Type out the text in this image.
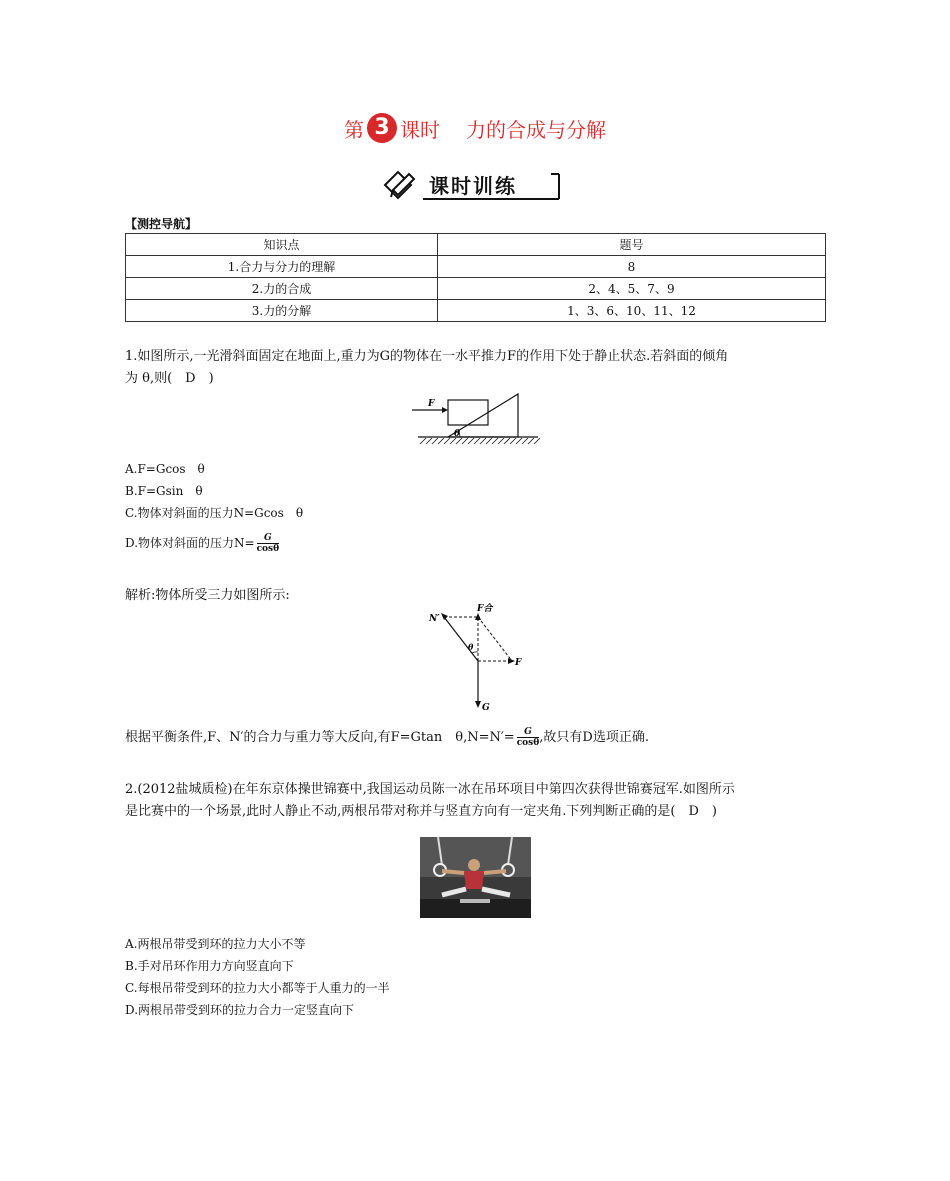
第 3 课时 力的合成与分解
课时训练
【测控导航】
知识点	题号
1.合力与分力的理解	8
2.力的合成	2、4、5、7、9
3.力的分解	1、3、6、10、11、12
1.如图所示,一光滑斜面固定在地面上,重力为G的物体在一水平推力F的作用下处于静止状态.若斜面的倾角
为 θ,则(　D　)
F
θ
A.F=Gcos　θ
B.F=Gsin　θ
C.物体对斜面的压力N=Gcos　θ
D.物体对斜面的压力$N= \frac{G}{\cos\theta}$
解析:物体所受三力如图所示:
N′
F合
F
G
θ
根据平衡条件,F、N′的合力与重力等大反向,有F=Gtan　$\theta,N=N'= \frac{G}{\cos\theta}$ ,故只有D选项正确.
2.(2012盐城质检)在年东京体操世锦赛中,我国运动员陈一冰在吊环项目中第四次获得世锦赛冠军.如图所示
是比赛中的一个场景,此时人静止不动,两根吊带对称并与竖直方向有一定夹角.下列判断正确的是(　D　)
A.两根吊带受到环的拉力大小不等
B.手对吊环作用力方向竖直向下
C.每根吊带受到环的拉力大小都等于人重力的一半
D.两根吊带受到环的拉力合力一定竖直向下
